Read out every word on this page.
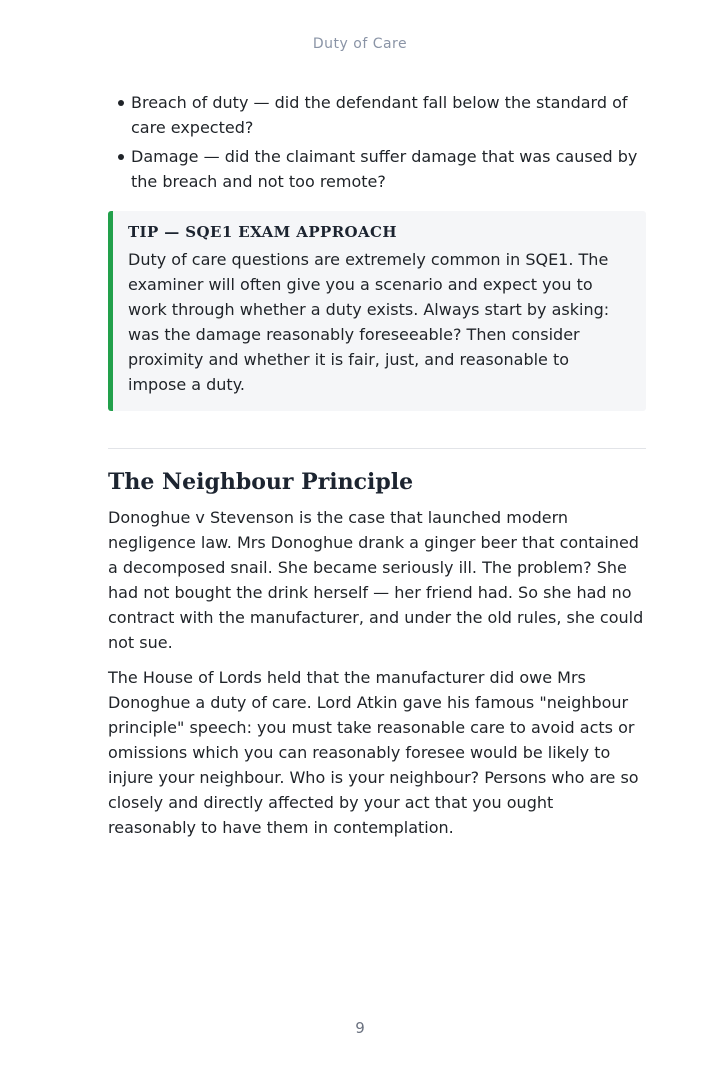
Duty of Care
Breach of duty — did the defendant fall below the standard of care expected?
Damage — did the claimant suffer damage that was caused by the breach and not too remote?
TIP — SQE1 EXAM APPROACH

Duty of care questions are extremely common in SQE1. The examiner will often give you a scenario and expect you to work through whether a duty exists. Always start by asking: was the damage reasonably foreseeable? Then consider proximity and whether it is fair, just, and reasonable to impose a duty.

The Neighbour Principle

Donoghue v Stevenson is the case that launched modern negligence law. Mrs Donoghue drank a ginger beer that contained a decomposed snail. She became seriously ill. The problem? She had not bought the drink herself — her friend had. So she had no contract with the manufacturer, and under the old rules, she could not sue.

The House of Lords held that the manufacturer did owe Mrs Donoghue a duty of care. Lord Atkin gave his famous "neighbour principle" speech: you must take reasonable care to avoid acts or omissions which you can reasonably foresee would be likely to injure your neighbour. Who is your neighbour? Persons who are so closely and directly affected by your act that you ought reasonably to have them in contemplation.

9
